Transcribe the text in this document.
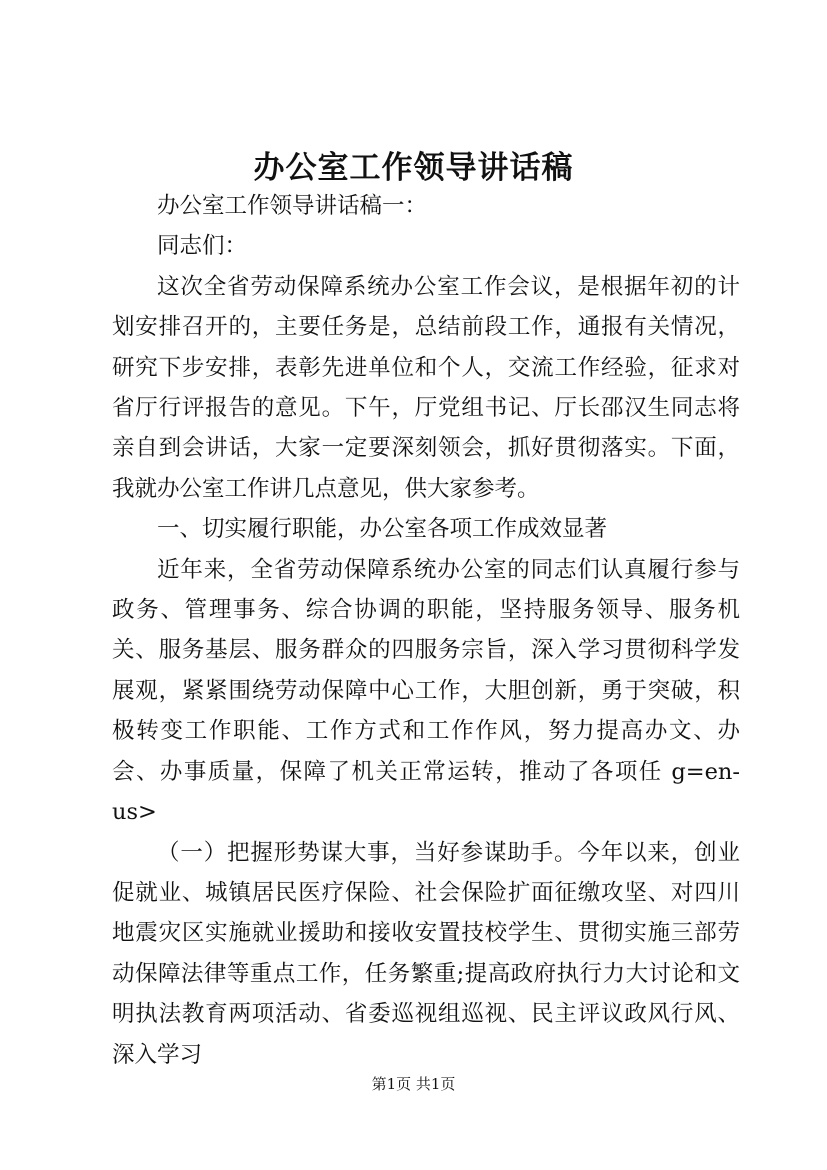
办公室工作领导讲话稿

办公室工作领导讲话稿一：

同志们：

这次全省劳动保障系统办公室工作会议，是根据年初的计划安排召开的，主要任务是，总结前段工作，通报有关情况，研究下步安排，表彰先进单位和个人，交流工作经验，征求对省厅行评报告的意见。下午，厅党组书记、厅长邵汉生同志将亲自到会讲话，大家一定要深刻领会，抓好贯彻落实。下面，我就办公室工作讲几点意见，供大家参考。

一、切实履行职能，办公室各项工作成效显著

近年来，全省劳动保障系统办公室的同志们认真履行参与政务、管理事务、综合协调的职能，坚持服务领导、服务机关、服务基层、服务群众的四服务宗旨，深入学习贯彻科学发展观，紧紧围绕劳动保障中心工作，大胆创新，勇于突破，积极转变工作职能、工作方式和工作作风，努力提高办文、办会、办事质量，保障了机关正常运转，推动了各项任 g=en-us>

（一）把握形势谋大事，当好参谋助手。今年以来，创业促就业、城镇居民医疗保险、社会保险扩面征缴攻坚、对四川地震灾区实施就业援助和接收安置技校学生、贯彻实施三部劳动保障法律等重点工作，任务繁重;提高政府执行力大讨论和文明执法教育两项活动、省委巡视组巡视、民主评议政风行风、深入学习

第1页 共1页
